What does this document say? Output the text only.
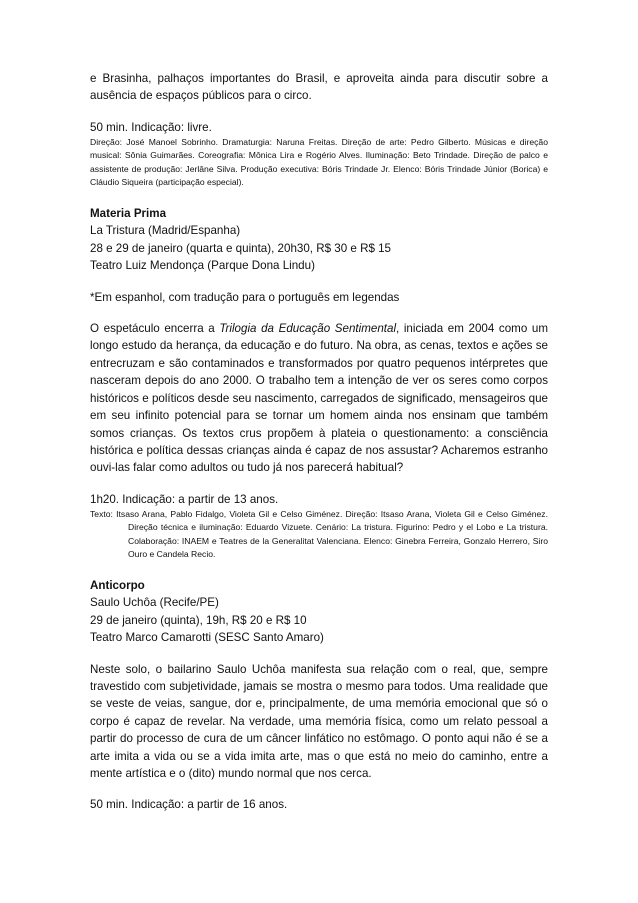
e Brasinha, palhaços importantes do Brasil, e aproveita ainda para discutir sobre a ausência de espaços públicos para o circo.

50 min. Indicação: livre.

Direção: José Manoel Sobrinho. Dramaturgia: Naruna Freitas. Direção de arte: Pedro Gilberto. Músicas e direção musical: Sônia Guimarães. Coreografia: Mônica Lira e Rogério Alves. Iluminação: Beto Trindade. Direção de palco e assistente de produção: Jerlâne Silva. Produção executiva: Bóris Trindade Jr. Elenco: Bóris Trindade Júnior (Borica) e Cláudio Siqueira (participação especial).

Materia Prima

La Tristura (Madrid/Espanha)

28 e 29 de janeiro (quarta e quinta), 20h30, R$ 30 e R$ 15

Teatro Luiz Mendonça (Parque Dona Lindu)

*Em espanhol, com tradução para o português em legendas

O espetáculo encerra a Trilogia da Educação Sentimental, iniciada em 2004 como um longo estudo da herança, da educação e do futuro. Na obra, as cenas, textos e ações se entrecruzam e são contaminados e transformados por quatro pequenos intérpretes que nasceram depois do ano 2000. O trabalho tem a intenção de ver os seres como corpos históricos e políticos desde seu nascimento, carregados de significado, mensageiros que em seu infinito potencial para se tornar um homem ainda nos ensinam que também somos crianças. Os textos crus propõem à plateia o questionamento: a consciência histórica e política dessas crianças ainda é capaz de nos assustar? Acharemos estranho ouvi-las falar como adultos ou tudo já nos parecerá habitual?

1h20. Indicação: a partir de 13 anos.

Texto: Itsaso Arana, Pablo Fidalgo, Violeta Gil e Celso Giménez. Direção: Itsaso Arana, Violeta Gil e Celso Giménez. Direção técnica e iluminação: Eduardo Vizuete. Cenário: La tristura. Figurino: Pedro y el Lobo e La tristura. Colaboração: INAEM e Teatres de la Generalitat Valenciana. Elenco: Ginebra Ferreira, Gonzalo Herrero, Siro Ouro e Candela Recio.

Anticorpo

Saulo Uchôa (Recife/PE)

29 de janeiro (quinta), 19h, R$ 20 e R$ 10

Teatro Marco Camarotti (SESC Santo Amaro)

Neste solo, o bailarino Saulo Uchôa manifesta sua relação com o real, que, sempre travestido com subjetividade, jamais se mostra o mesmo para todos. Uma realidade que se veste de veias, sangue, dor e, principalmente, de uma memória emocional que só o corpo é capaz de revelar. Na verdade, uma memória física, como um relato pessoal a partir do processo de cura de um câncer linfático no estômago. O ponto aqui não é se a arte imita a vida ou se a vida imita arte, mas o que está no meio do caminho, entre a mente artística e o (dito) mundo normal que nos cerca.

50 min. Indicação: a partir de 16 anos.
